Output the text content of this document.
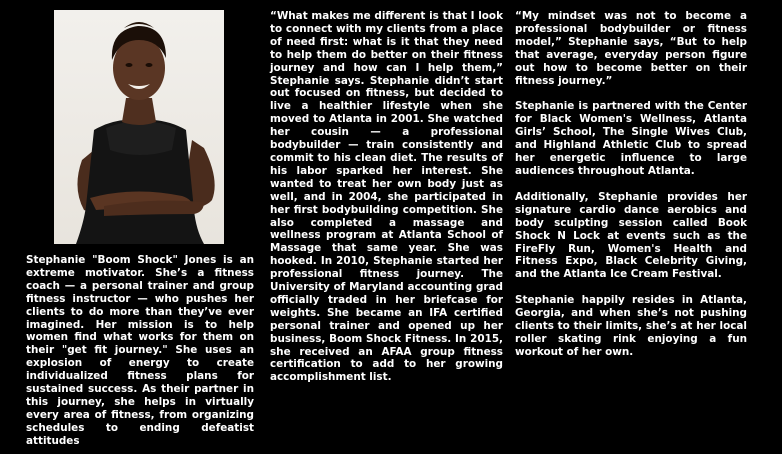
Stephanie "Boom Shock" Jones is an extreme motivator. She’s a fitness coach — a personal trainer and group fitness instructor — who pushes her clients to do more than they’ve ever imagined. Her mission is to help women find what works for them on their "get fit journey." She uses an explosion of energy to create individualized fitness plans for sustained success. As their partner in this journey, she helps in virtually every area of fitness, from organizing schedules to ending defeatist attitudes

“What makes me different is that I look to connect with my clients from a place of need first: what is it that they need to help them do better on their fitness journey and how can I help them,” Stephanie says. Stephanie didn’t start out focused on fitness, but decided to live a healthier lifestyle when she moved to Atlanta in 2001. She watched her cousin — a professional bodybuilder — train consistently and commit to his clean diet. The results of his labor sparked her interest. She wanted to treat her own body just as well, and in 2004, she participated in her first bodybuilding competition. She also completed a massage and wellness program at Atlanta School of Massage that same year. She was hooked. In 2010, Stephanie started her professional fitness journey. The University of Maryland accounting grad officially traded in her briefcase for weights. She became an IFA certified personal trainer and opened up her business, Boom Shock Fitness. In 2015, she received an AFAA group fitness certification to add to her growing accomplishment list.

“My mindset was not to become a professional bodybuilder or fitness model,” Stephanie says, “But to help that average, everyday person figure out how to become better on their fitness journey.”

Stephanie is partnered with the Center for Black Women's Wellness, Atlanta Girls’ School, The Single Wives Club, and Highland Athletic Club to spread her energetic influence to large audiences throughout Atlanta.

Additionally, Stephanie provides her signature cardio dance aerobics and body sculpting session called Book Shock N Lock at events such as the FireFly Run, Women's Health and Fitness Expo, Black Celebrity Giving, and the Atlanta Ice Cream Festival.

Stephanie happily resides in Atlanta, Georgia, and when she’s not pushing clients to their limits, she’s at her local roller skating rink enjoying a fun workout of her own.
